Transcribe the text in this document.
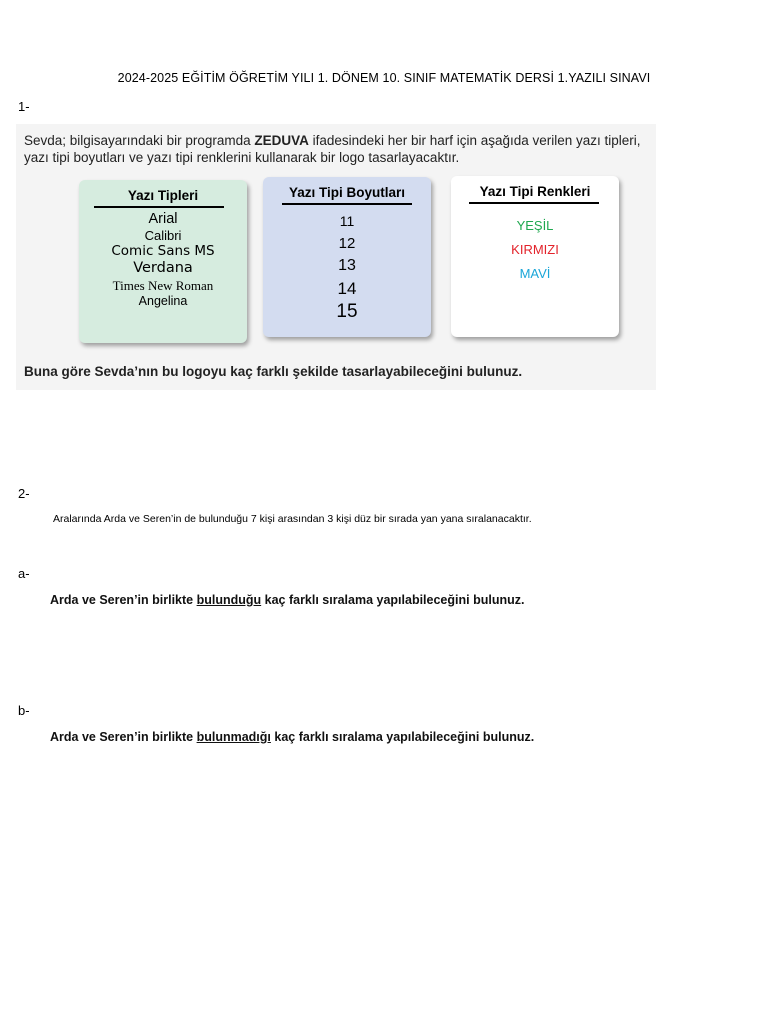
2024-2025 EĞİTİM ÖĞRETİM YILI 1. DÖNEM 10. SINIF MATEMATİK DERSİ 1.YAZILI SINAVI
1-
Sevda; bilgisayarındaki bir programda ZEDUVA ifadesindeki her bir harf için aşağıda verilen yazı tipleri,
yazı tipi boyutları ve yazı tipi renklerini kullanarak bir logo tasarlayacaktır.
Yazı Tipleri
Arial
Calibri
Comic Sans MS
Verdana
Times New Roman
Angelina
Yazı Tipi Boyutları
11
12
13
14
15
Yazı Tipi Renkleri
YEŞİL
KIRMIZI
MAVİ
Buna göre Sevda’nın bu logoyu kaç farklı şekilde tasarlayabileceğini bulunuz.
2-
Aralarında Arda ve Seren’in de bulunduğu 7 kişi arasından 3 kişi düz bir sırada yan yana sıralanacaktır.
a-
Arda ve Seren’in birlikte bulunduğu kaç farklı sıralama yapılabileceğini bulunuz.
b-
Arda ve Seren’in birlikte bulunmadığı kaç farklı sıralama yapılabileceğini bulunuz.
